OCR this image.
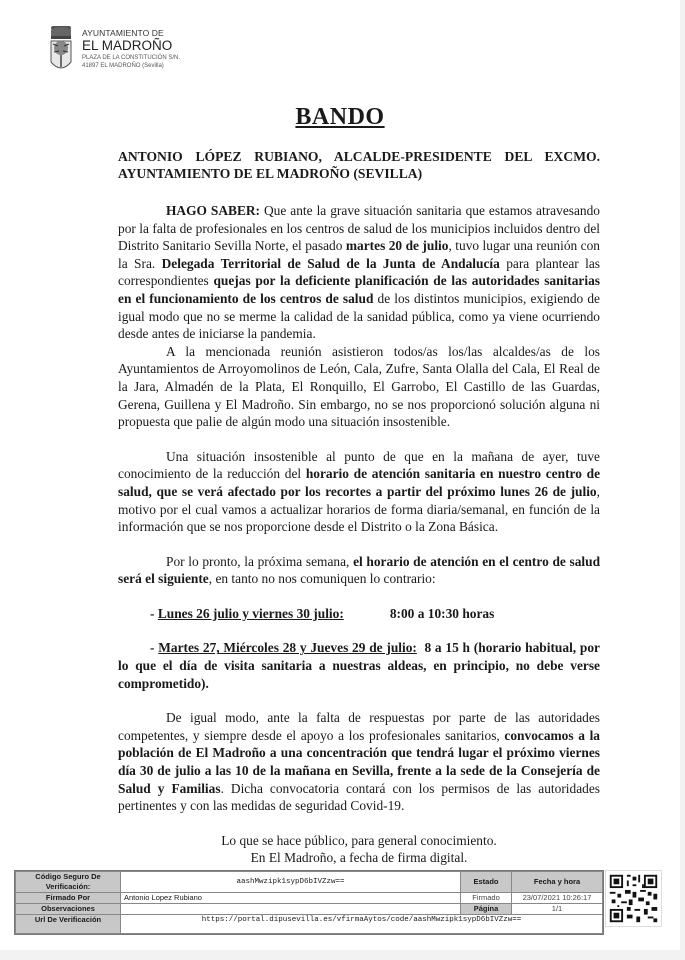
AYUNTAMIENTO DE
EL MADROÑO
PLAZA DE LA CONSTITUCIÓN S/N.
41897 EL MADROÑO (Sevilla)
BANDO

ANTONIO LÓPEZ RUBIANO, ALCALDE-PRESIDENTE DEL EXCMO. AYUNTAMIENTO DE EL MADROÑO (SEVILLA)

HAGO SABER: Que ante la grave situación sanitaria que estamos atravesando por la falta de profesionales en los centros de salud de los municipios incluidos dentro del Distrito Sanitario Sevilla Norte, el pasado martes 20 de julio, tuvo lugar una reunión con la Sra. Delegada Territorial de Salud de la Junta de Andalucía para plantear las correspondientes quejas por la deficiente planificación de las autoridades sanitarias en el funcionamiento de los centros de salud de los distintos municipios, exigiendo de igual modo que no se merme la calidad de la sanidad pública, como ya viene ocurriendo desde antes de iniciarse la pandemia.

A la mencionada reunión asistieron todos/as los/las alcaldes/as de los Ayuntamientos de Arroyomolinos de León, Cala, Zufre, Santa Olalla del Cala, El Real de la Jara, Almadén de la Plata, El Ronquillo, El Garrobo, El Castillo de las Guardas, Gerena, Guillena y El Madroño. Sin embargo, no se nos proporcionó solución alguna ni propuesta que palie de algún modo una situación insostenible.

Una situación insostenible al punto de que en la mañana de ayer, tuve conocimiento de la reducción del horario de atención sanitaria en nuestro centro de salud, que se verá afectado por los recortes a partir del próximo lunes 26 de julio, motivo por el cual vamos a actualizar horarios de forma diaria/semanal, en función de la información que se nos proporcione desde el Distrito o la Zona Básica.

Por lo pronto, la próxima semana, el horario de atención en el centro de salud será el siguiente, en tanto no nos comuniquen lo contrario:

- Lunes 26 julio y viernes 30 julio:	8:00 a 10:30 horas

- Martes 27, Miércoles 28 y Jueves 29 de julio: 8 a 15 h (horario habitual, por lo que el día de visita sanitaria a nuestras aldeas, en principio, no debe verse comprometido).

De igual modo, ante la falta de respuestas por parte de las autoridades competentes, y siempre desde el apoyo a los profesionales sanitarios, convocamos a la población de El Madroño a una concentración que tendrá lugar el próximo viernes día 30 de julio a las 10 de la mañana en Sevilla, frente a la sede de la Consejería de Salud y Familias. Dicha convocatoria contará con los permisos de las autoridades pertinentes y con las medidas de seguridad Covid-19.

Lo que se hace público, para general conocimiento.

En El Madroño, a fecha de firma digital.

Código Seguro De Verificación:	aashMwzipk1sypD6bIVZzw==	Estado	Fecha y hora
Firmado Por	Antonio Lopez Rubiano	Firmado	23/07/2021 10:26:17
Observaciones		Página	1/1
Url De Verificación	https://portal.dipusevilla.es/vfirmaAytos/code/aashMwzipk1sypD6bIVZzw==		
